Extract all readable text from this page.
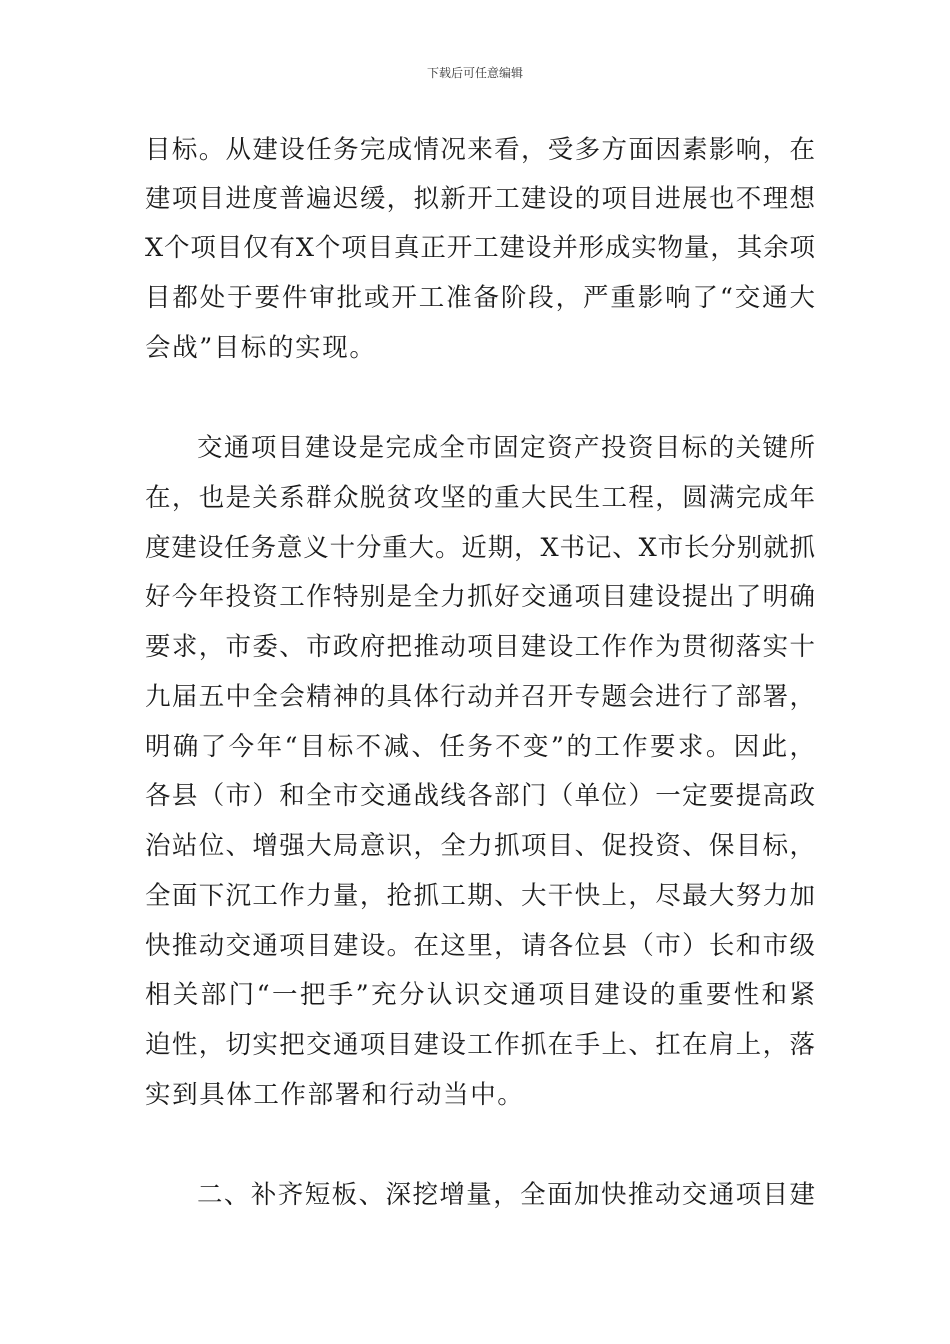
下载后可任意编辑
目标。从建设任务完成情况来看，受多方面因素影响，在
建项目进度普遍迟缓，拟新开工建设的项目进展也不理想
X个项目仅有X个项目真正开工建设并形成实物量，其余项
目都处于要件审批或开工准备阶段，严重影响了“交通大
会战”目标的实现。
交通项目建设是完成全市固定资产投资目标的关键所
在，也是关系群众脱贫攻坚的重大民生工程，圆满完成年
度建设任务意义十分重大。近期，X书记、X市长分别就抓
好今年投资工作特别是全力抓好交通项目建设提出了明确
要求，市委、市政府把推动项目建设工作作为贯彻落实十
九届五中全会精神的具体行动并召开专题会进行了部署，
明确了今年“目标不减、任务不变”的工作要求。因此，
各县（市）和全市交通战线各部门（单位）一定要提高政
治站位、增强大局意识，全力抓项目、促投资、保目标，
全面下沉工作力量，抢抓工期、大干快上，尽最大努力加
快推动交通项目建设。在这里，请各位县（市）长和市级
相关部门“一把手”充分认识交通项目建设的重要性和紧
迫性，切实把交通项目建设工作抓在手上、扛在肩上，落
实到具体工作部署和行动当中。
二、补齐短板、深挖增量，全面加快推动交通项目建
